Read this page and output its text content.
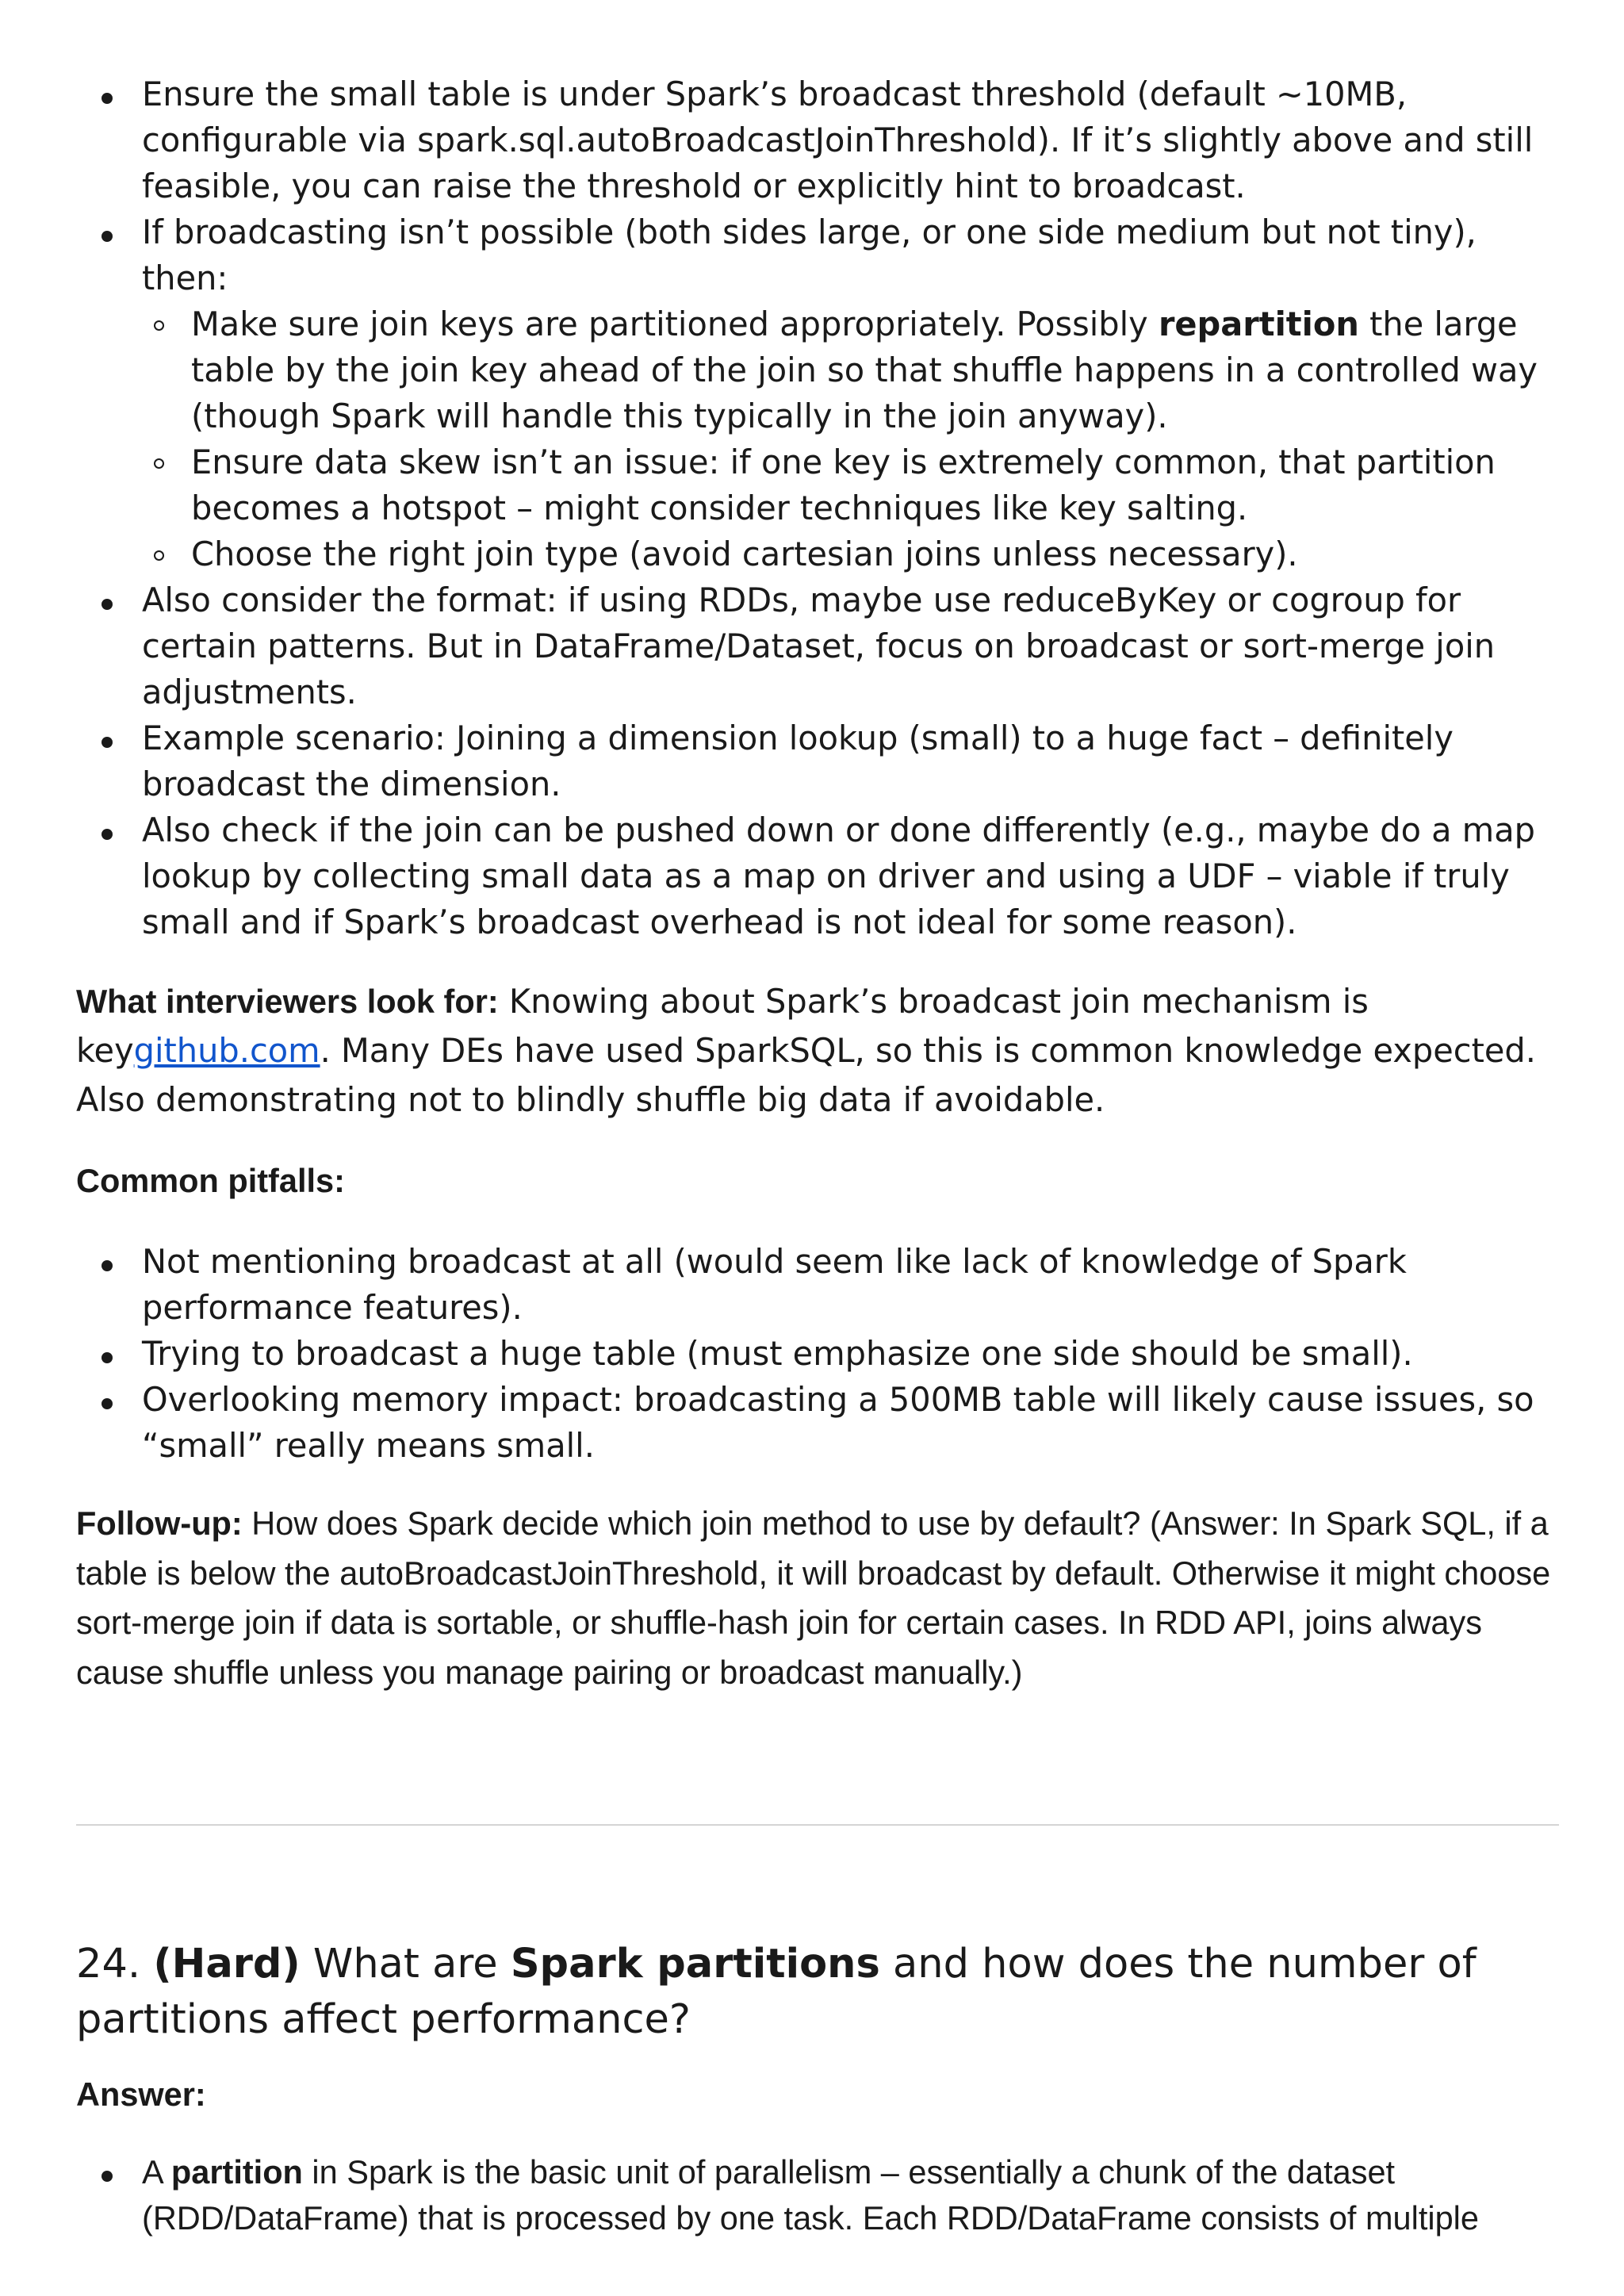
Ensure the small table is under Spark’s broadcast threshold (default ~10MB, configurable via spark.sql.autoBroadcastJoinThreshold). If it’s slightly above and still feasible, you can raise the threshold or explicitly hint to broadcast.
If broadcasting isn’t possible (both sides large, or one side medium but not tiny), then:
Make sure join keys are partitioned appropriately. Possibly repartition the large table by the join key ahead of the join so that shuffle happens in a controlled way (though Spark will handle this typically in the join anyway).
Ensure data skew isn’t an issue: if one key is extremely common, that partition becomes a hotspot – might consider techniques like key salting.
Choose the right join type (avoid cartesian joins unless necessary).
Also consider the format: if using RDDs, maybe use reduceByKey or cogroup for certain patterns. But in DataFrame/Dataset, focus on broadcast or sort-merge join adjustments.
Example scenario: Joining a dimension lookup (small) to a huge fact – definitely broadcast the dimension.
Also check if the join can be pushed down or done differently (e.g., maybe do a map lookup by collecting small data as a map on driver and using a UDF – viable if truly small and if Spark’s broadcast overhead is not ideal for some reason).

What interviewers look for: Knowing about Spark’s broadcast join mechanism is keygithub.com. Many DEs have used SparkSQL, so this is common knowledge expected. Also demonstrating not to blindly shuffle big data if avoidable.

Common pitfalls:

Not mentioning broadcast at all (would seem like lack of knowledge of Spark performance features).
Trying to broadcast a huge table (must emphasize one side should be small).
Overlooking memory impact: broadcasting a 500MB table will likely cause issues, so “small” really means small.

Follow-up: How does Spark decide which join method to use by default? (Answer: In Spark SQL, if a table is below the autoBroadcastJoinThreshold, it will broadcast by default. Otherwise it might choose sort-merge join if data is sortable, or shuffle-hash join for certain cases. In RDD API, joins always cause shuffle unless you manage pairing or broadcast manually.)

24. (Hard) What are Spark partitions and how does the number of partitions affect performance?

Answer:

A partition in Spark is the basic unit of parallelism – essentially a chunk of the dataset (RDD/DataFrame) that is processed by one task. Each RDD/DataFrame consists of multiple
